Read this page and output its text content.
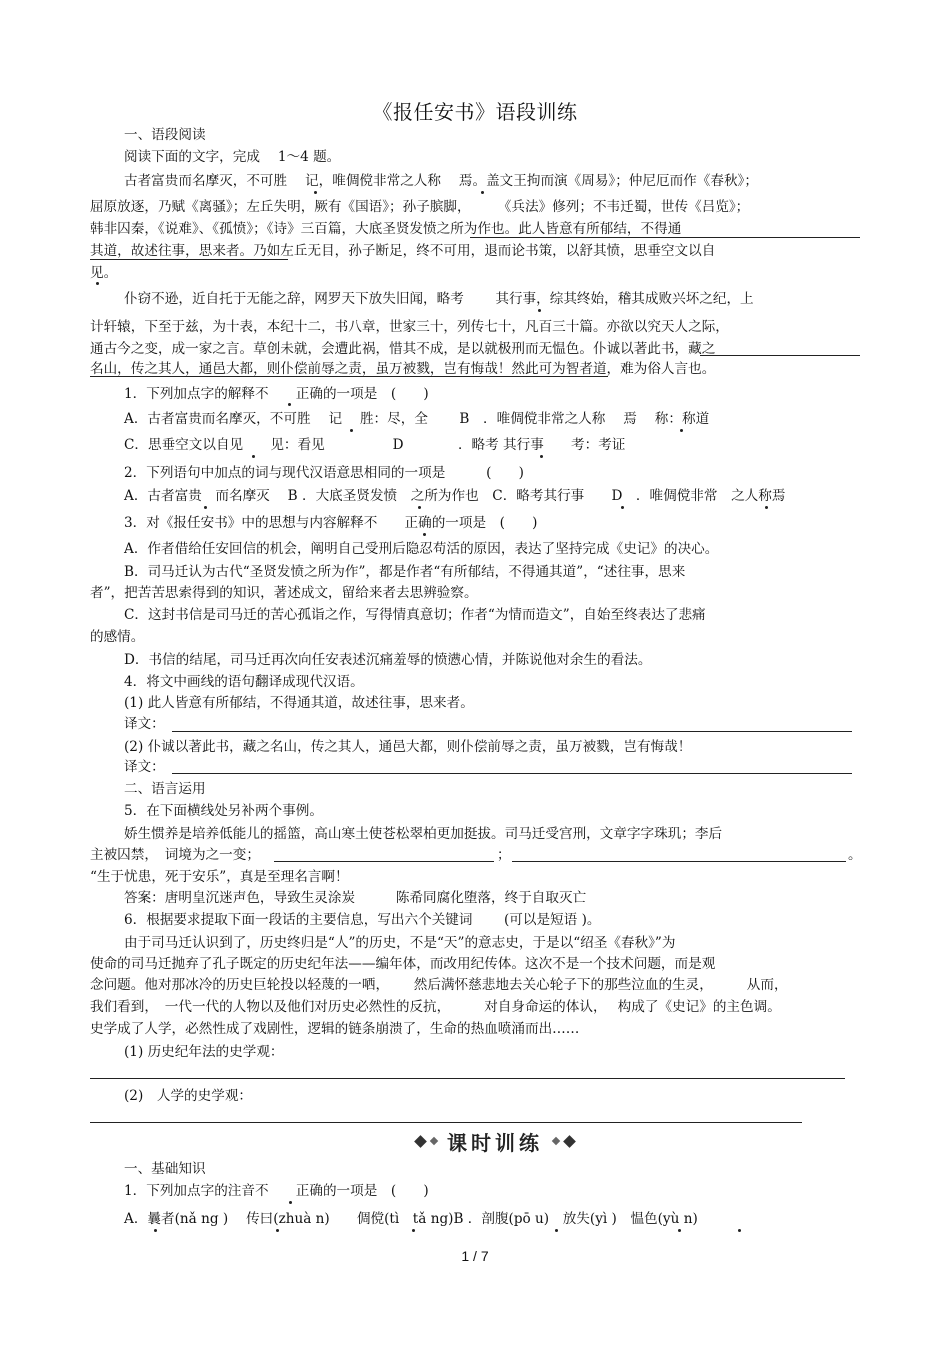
《报任安书》语段训练
一、语段阅读
阅读下面的文字，完成　 1～4 题。
古者富贵而名摩灭，不可胜　 记，唯倜傥非常之人称　 焉。盖文王拘而演《周易》；仲尼厄而作《春秋》；
屈原放逐，乃赋《离骚》；左丘失明，厥有《国语》；孙子膑脚，　　　《兵法》修列；不韦迁蜀，世传《吕览》；
韩非囚秦，《说难》、《孤愤》；《诗》三百篇，大底圣贤发愤之所为作也。此人皆意有所郁结，不得通
其道，故述往事，思来者。乃如左丘无目，孙子断足，终不可用，退而论书策，以舒其愤，思垂空文以自
见。
仆窃不逊，近自托于无能之辞，网罗天下放失旧闻，略考　　 其行事，综其终始，稽其成败兴坏之纪，上
计轩辕，下至于兹，为十表，本纪十二，书八章，世家三十，列传七十，凡百三十篇。亦欲以究天人之际，
通古今之变，成一家之言。草创未就，会遭此祸，惜其不成，是以就极刑而无愠色。仆诚以著此书，藏之
名山，传之其人，通邑大都，则仆偿前辱之责，虽万被戮，岂有悔哉！然此可为智者道，难为俗人言也。
1．下列加点字的解释不　　正确的一项是　(　　)
A．古者富贵而名摩灭，不可胜　 记　 胜：尽，全　 　B　．唯倜傥非常之人称　 焉　 称：称道
C．思垂空文以自见　　见：看见　　　　　D　　　　．略考 其行事　　考：考证
2．下列语句中加点的词与现代汉语意思相同的一项是　　　(　　)
A．古者富贵　而名摩灭　 B ．大底圣贤发愤　之所为作也　C．略考其行事　　D　．唯倜傥非常　之人称焉
3．对《报任安书》中的思想与内容解释不　　正确的一项是　(　　)
A．作者借给任安回信的机会，阐明自己受刑后隐忍苟活的原因，表达了坚持完成《史记》的决心。
B．司马迁认为古代“圣贤发愤之所为作”，都是作者“有所郁结，不得通其道”，“述往事，思来
者”，把苦苦思索得到的知识，著述成文，留给来者去思辨验察。
C．这封书信是司马迁的苦心孤诣之作，写得情真意切；作者“为情而造文”，自始至终表达了悲痛
的感情。
D．书信的结尾，司马迁再次向任安表述沉痛羞辱的愤懑心情，并陈说他对余生的看法。
4．将文中画线的语句翻译成现代汉语。
(1) 此人皆意有所郁结，不得通其道，故述往事，思来者。
译文：
(2) 仆诚以著此书，藏之名山，传之其人，通邑大都，则仆偿前辱之责，虽万被戮，岂有悔哉！
译文：
二、语言运用
5．在下面横线处另补两个事例。
娇生惯养是培养低能儿的摇篮，高山寒土使苍松翠柏更加挺拔。司马迁受宫刑，文章字字珠玑；李后
主被囚禁，　词境为之一变；	；	。
“生于忧患，死于安乐”，真是至理名言啊！
答案：唐明皇沉迷声色，导致生灵涂炭　　　陈希同腐化堕落，终于自取灭亡
6．根据要求提取下面一段话的主要信息，写出六个关键词　　 (可以是短语 )。
由于司马迁认识到了，历史终归是“人”的历史，不是“天”的意志史，于是以“绍圣《春秋》”为
使命的司马迁抛弃了孔子既定的历史纪年法——编年体，而改用纪传体。这次不是一个技术问题，而是观
念问题。他对那冰冷的历史巨轮投以轻蔑的一哂，　　 然后满怀慈悲地去关心轮子下的那些泣血的生灵，　　　从而，
我们看到，　一代一代的人物以及他们对历史必然性的反抗，　　　对自身命运的体认，　 构成了《史记》的主色调。
史学成了人学，必然性成了戏剧性，逻辑的链条崩溃了，生命的热血喷涌而出……
(1) 历史纪年法的史学观：
(2)　人学的史学观：
课时训练
一、基础知识
1．下列加点字的注音不　　正确的一项是　(　　)
A．曩者(nǎ ng )　 传曰(zhuà n)　　倜傥(tì　tǎ ng)B ．剖腹(pō u)　放失(yì )　愠色(yù n)
1 / 7
